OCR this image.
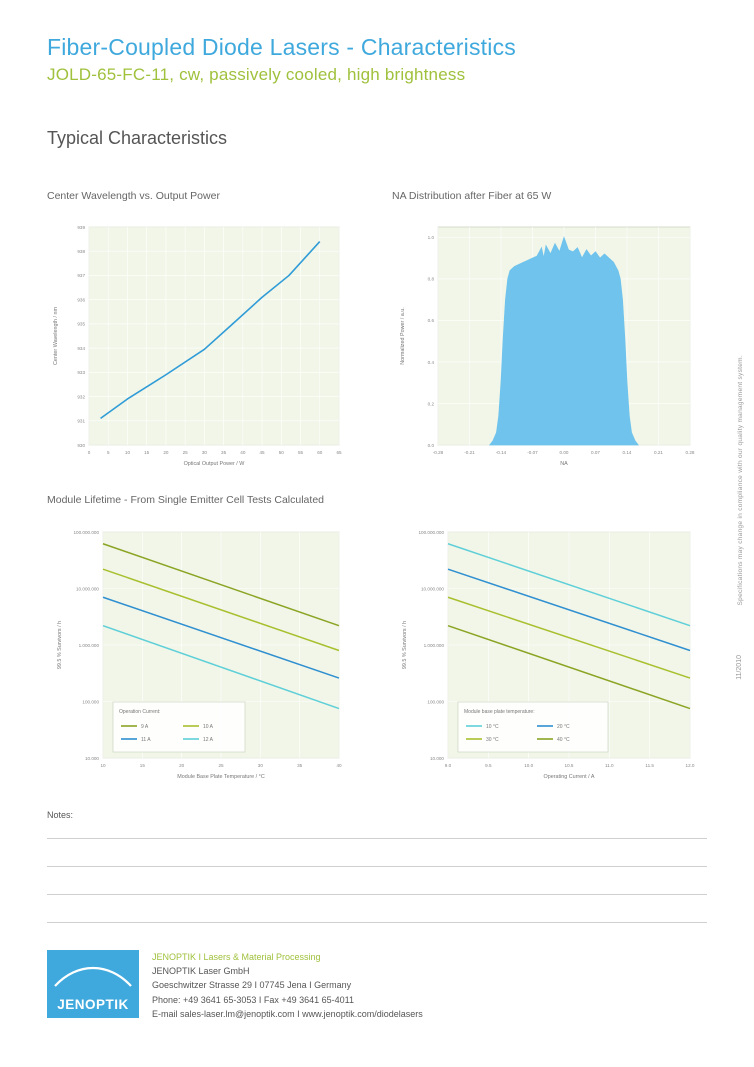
Fiber-Coupled Diode Lasers - Characteristics
JOLD-65-FC-11, cw, passively cooled, high brightness
Typical Characteristics
Center Wavelength vs. Output Power	NA Distribution after Fiber at 65 W
Module Lifetime - From Single Emitter Cell Tests Calculated
0	5	10	15	20	25	30	35	40	45	50	55	60	65
930
931
932
933
934
935
936
937
938
939
Optical Output Power / W
Center Wavelength / nm
-0.28	-0.21	-0.14	-0.07	0.00	0.07	0.14	0.21	0.28
0.0
0.2
0.4
0.6
0.8
1.0
NA
Normalized Power / a.u.
10	15	20	25	30	35	40
10.000
100.000
1.000.000
10.000.000
100.000.000
Module Base Plate Temperature / °C
99.5 % Survivors / h
Operation Current:
9 A	10 A
11 A	12 A
9.0	9.5	10.0	10.5	11.0	11.5	12.0
10.000
100.000
1.000.000
10.000.000
100.000.000
Operating Current / A
99.5 % Survivors / h
Module base plate temperature:
10 °C	20 °C
30 °C	40 °C
Notes:
Specifications may change in compliance with our quality management system.
11/2010
JENOPTIK
JENOPTIK I Lasers & Material Processing
JENOPTIK Laser GmbH
Goeschwitzer Strasse 29 I 07745 Jena I Germany
Phone: +49 3641 65-3053 I Fax +49 3641 65-4011
E-mail sales-laser.lm@jenoptik.com I www.jenoptik.com/diodelasers
